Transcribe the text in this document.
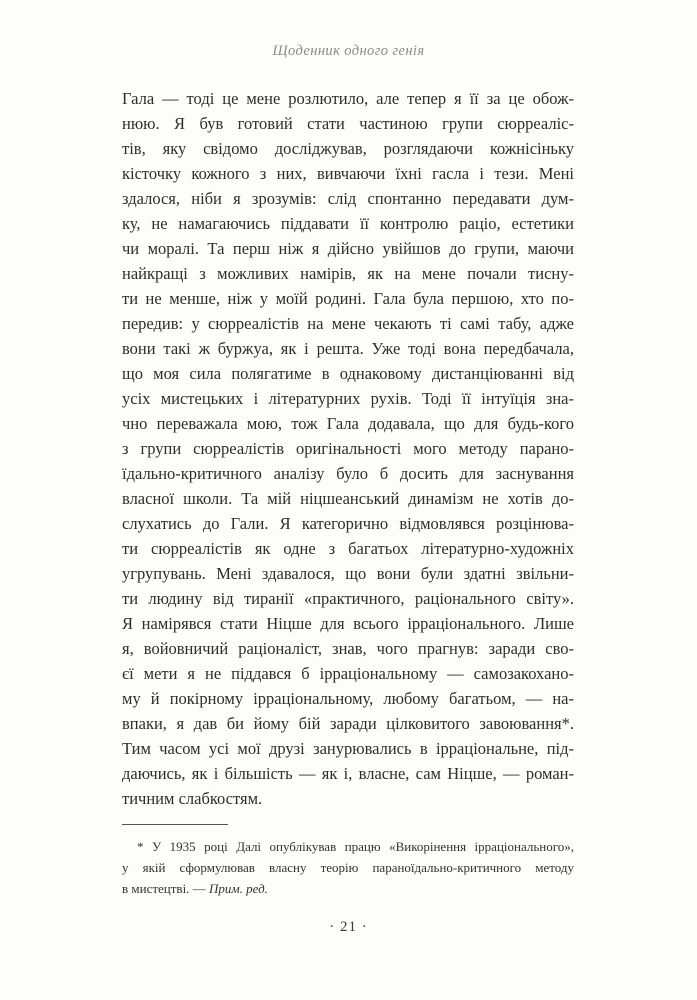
Щоденник одного генія
Гала — тоді це мене розлютило, але тепер я її за це обож-
нюю. Я був готовий стати частиною групи сюрреаліс-
тів, яку свідомо досліджував, розглядаючи кожнісіньку
кісточку кожного з них, вивчаючи їхні гасла і тези. Мені
здалося, ніби я зрозумів: слід спонтанно передавати дум-
ку, не намагаючись піддавати її контролю раціо, естетики
чи моралі. Та перш ніж я дійсно увійшов до групи, маючи
найкращі з можливих намірів, як на мене почали тисну-
ти не менше, ніж у моїй родині. Гала була першою, хто по-
передив: у сюрреалістів на мене чекають ті самі табу, адже
вони такі ж буржуа, як і решта. Уже тоді вона передбачала,
що моя сила полягатиме в однаковому дистанціюванні від
усіх мистецьких і літературних рухів. Тоді її інтуїція зна-
чно переважала мою, тож Гала додавала, що для будь-кого
з групи сюрреалістів оригінальності мого методу парано-
їдально-критичного аналізу було б досить для заснування
власної школи. Та мій ніцшеанський динамізм не хотів до-
слухатись до Гали. Я категорично відмовлявся розцінюва-
ти сюрреалістів як одне з багатьох літературно-художніх
угрупувань. Мені здавалося, що вони були здатні звільни-
ти людину від тиранії «практичного, раціонального світу».
Я намірявся стати Ніцше для всього ірраціонального. Лише
я, войовничий раціоналіст, знав, чого прагнув: заради сво-
єї мети я не піддався б ірраціональному — самозакохано-
му й покірному ірраціональному, любому багатьом, — на-
впаки, я дав би йому бій заради цілковитого завоювання*.
Тим часом усі мої друзі занурювались в ірраціональне, під-
даючись, як і більшість — як і, власне, сам Ніцше, — роман-
тичним слабкостям.
* У 1935 році Далі опублікував працю «Викорінення ірраціонального»,
у якій сформулював власну теорію параноїдально-критичного методу
в мистецтві. — Прим. ред.
· 21 ·
